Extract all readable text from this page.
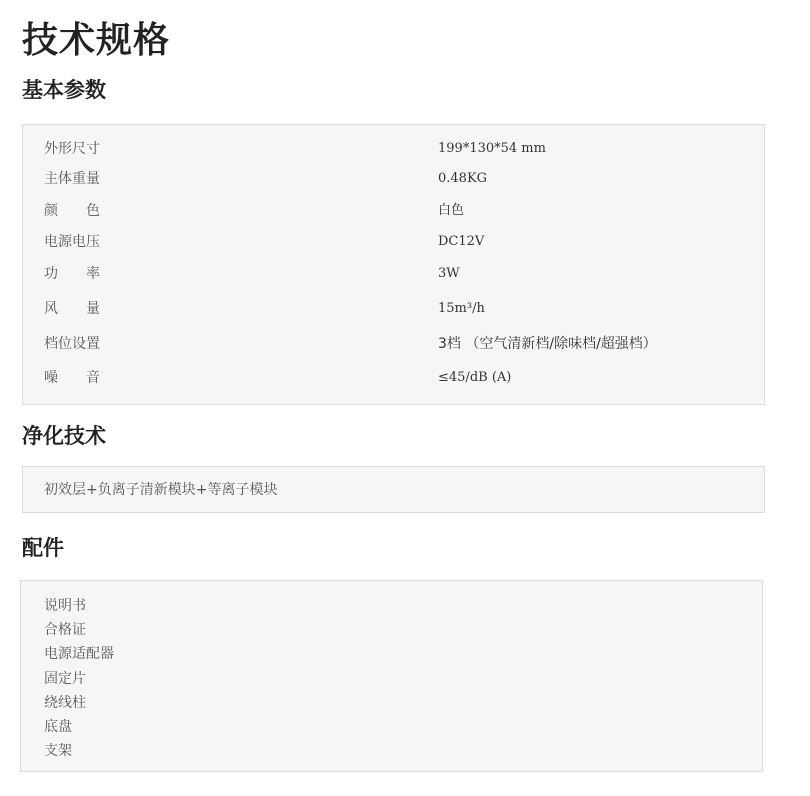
技术规格
基本参数
外形尺寸	199*130*54 mm
主体重量	0.48KG
颜　　色	白色
电源电压	DC12V
功　　率	3W
风　　量	15m³/h
档位设置	3档 （空气清新档/除味档/超强档）
噪　　音	≤45/dB (A)
净化技术
初效层+负离子清新模块+等离子模块
配件
说明书
合格证
电源适配器
固定片
绕线柱
底盘
支架
